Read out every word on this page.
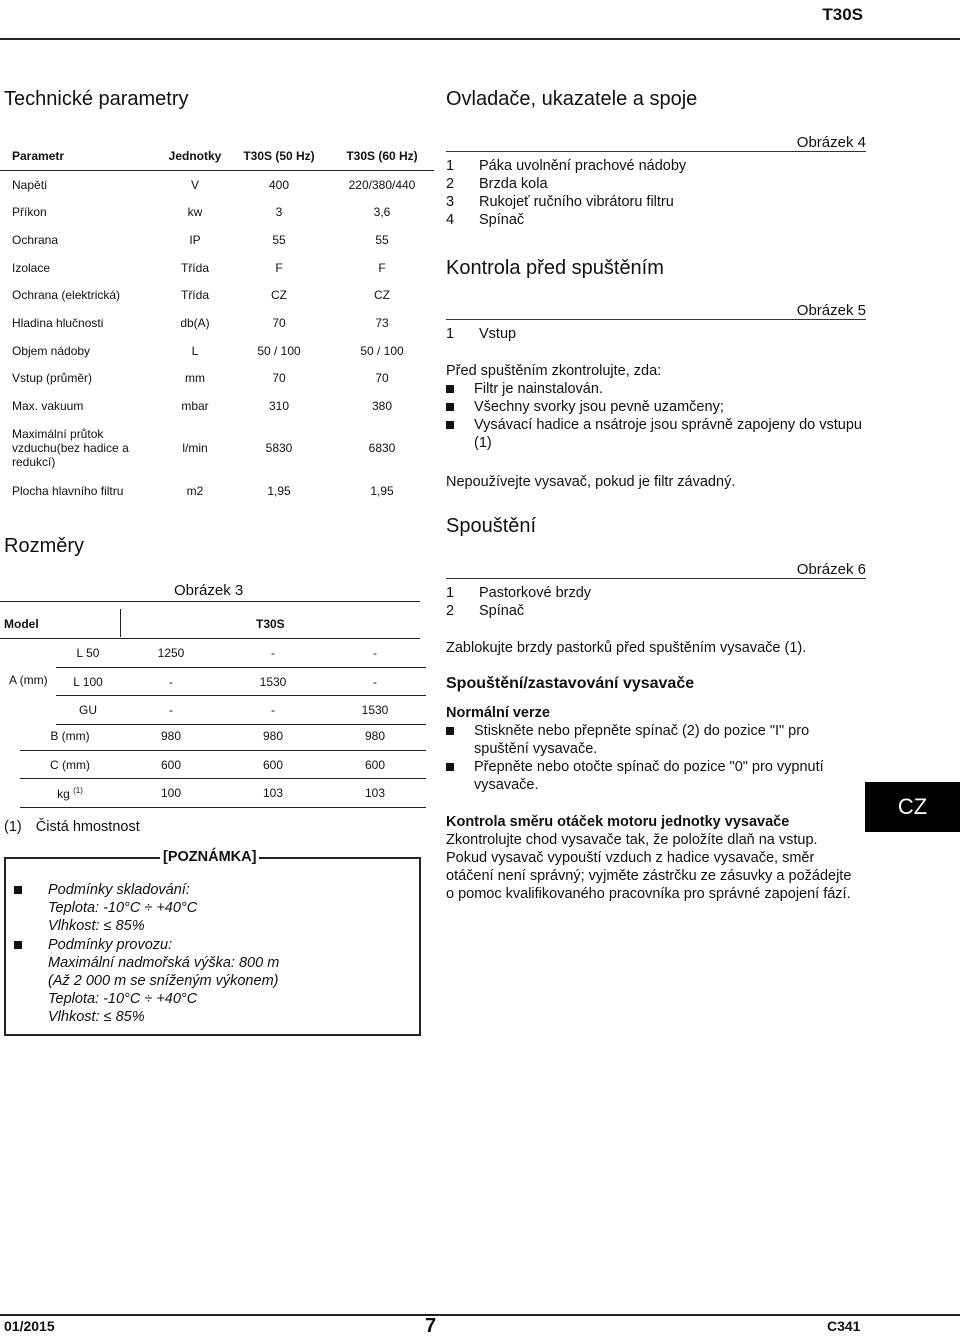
T30S
Technické parametry
Parametr	Jednotky	T30S (50 Hz)	T30S (60 Hz)
Napětí	V	400	220/380/440
Příkon	kw	3	3,6
Ochrana	IP	55	55
Izolace	Třída	F	F
Ochrana (elektrická)	Třída	CZ	CZ
Hladina hlučnosti	db(A)	70	73
Objem nádoby	L	50 / 100	50 / 100
Vstup (průměr)	mm	70	70
Max. vakuum	mbar	310	380
Maximální průtok vzduchu(bez hadice a redukcí)	l/min	5830	6830
Plocha hlavního filtru	m2	1,95	1,95
Rozměry
Obrázek 3
Model	T30S
A (mm)
L 50	1250	-	-
L 100	-	1530	-
GU	-	-	1530
B (mm)	980	980	980
C (mm)	600	600	600
kg $^{(1)}$	100	103	103
(1) Čistá hmostnost
[POZNÁMKA]
Podmínky skladování:
Teplota: -10°C ÷ +40°C
Vlhkost: ≤ 85%
Podmínky provozu:
Maximální nadmořská výška: 800 m
(Až 2 000 m se sníženým výkonem)
Teplota: -10°C ÷ +40°C
Vlhkost: ≤ 85%
Ovladače, ukazatele a spoje
Obrázek 4
1 Páka uvolnění prachové nádoby
2 Brzda kola
3 Rukojeť ručního vibrátoru filtru
4 Spínač
Kontrola před spuštěním
Obrázek 5
1 Vstup
Před spuštěním zkontrolujte, zda:
Filtr je nainstalován.
Všechny svorky jsou pevně uzamčeny;
Vysávací hadice a nsátroje jsou správně zapojeny do vstupu (1)
Nepoužívejte vysavač, pokud je filtr závadný.
Spouštění
Obrázek 6
1 Pastorkové brzdy
2 Spínač
Zablokujte brzdy pastorků před spuštěním vysavače (1).
Spouštění/zastavování vysavače
Normální verze
Stiskněte nebo přepněte spínač (2) do pozice "I" pro spuštění vysavače.
Přepněte nebo otočte spínač do pozice "0" pro vypnutí vysavače.
Kontrola směru otáček motoru jednotky vysavače
Zkontrolujte chod vysavače tak, že položíte dlaň na vstup. Pokud vysavač vypouští vzduch z hadice vysavače, směr otáčení není správný; vyjměte zástrčku ze zásuvky a požádejte o pomoc kvalifikovaného pracovníka pro správné zapojení fází.
CZ
01/2015	7	C341
